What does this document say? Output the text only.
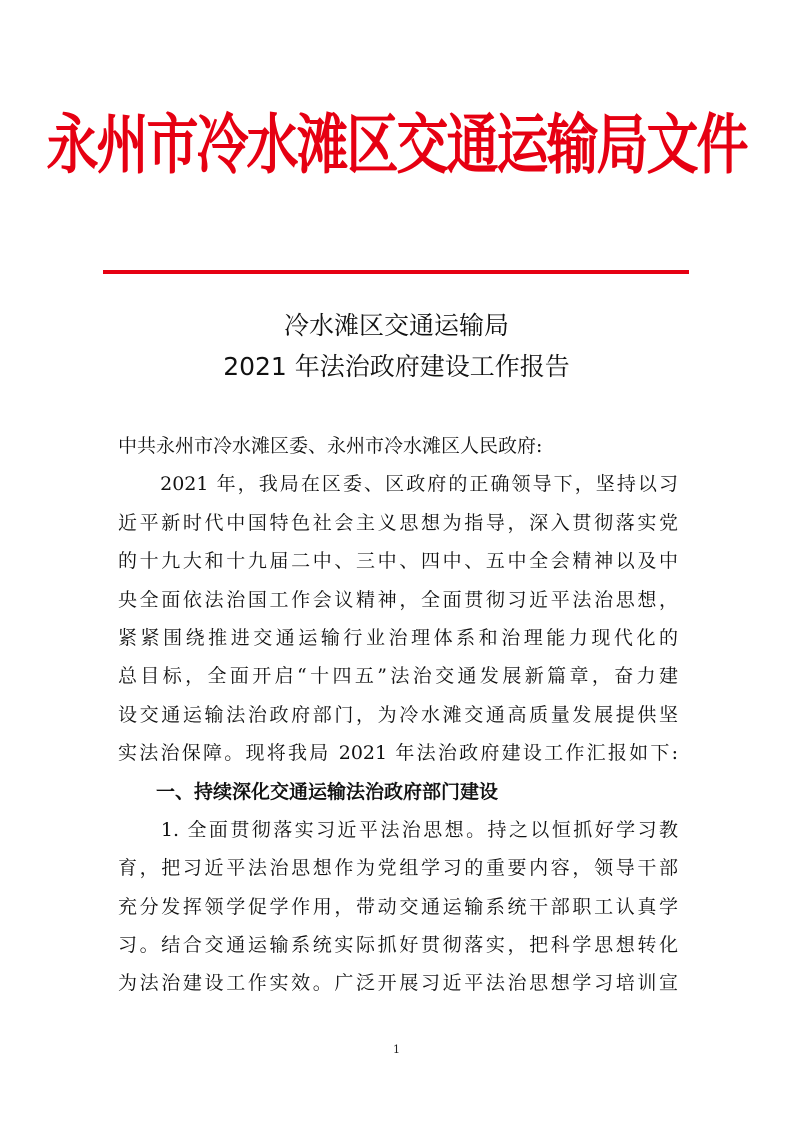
永州市冷水滩区交通运输局文件
冷水滩区交通运输局
2021 年法治政府建设工作报告
中共永州市冷水滩区委、永州市冷水滩区人民政府:
　　2021 年，我局在区委、区政府的正确领导下，坚持以习
近平新时代中国特色社会主义思想为指导，深入贯彻落实党
的十九大和十九届二中、三中、四中、五中全会精神以及中
央全面依法治国工作会议精神，全面贯彻习近平法治思想，
紧紧围绕推进交通运输行业治理体系和治理能力现代化的
总目标，全面开启“十四五”法治交通发展新篇章，奋力建
设交通运输法治政府部门，为冷水滩交通高质量发展提供坚
实法治保障。现将我局 2021 年法治政府建设工作汇报如下:
一、持续深化交通运输法治政府部门建设
　　1. 全面贯彻落实习近平法治思想。持之以恒抓好学习教
育，把习近平法治思想作为党组学习的重要内容，领导干部
充分发挥领学促学作用，带动交通运输系统干部职工认真学
习。结合交通运输系统实际抓好贯彻落实，把科学思想转化
为法治建设工作实效。广泛开展习近平法治思想学习培训宣
1
